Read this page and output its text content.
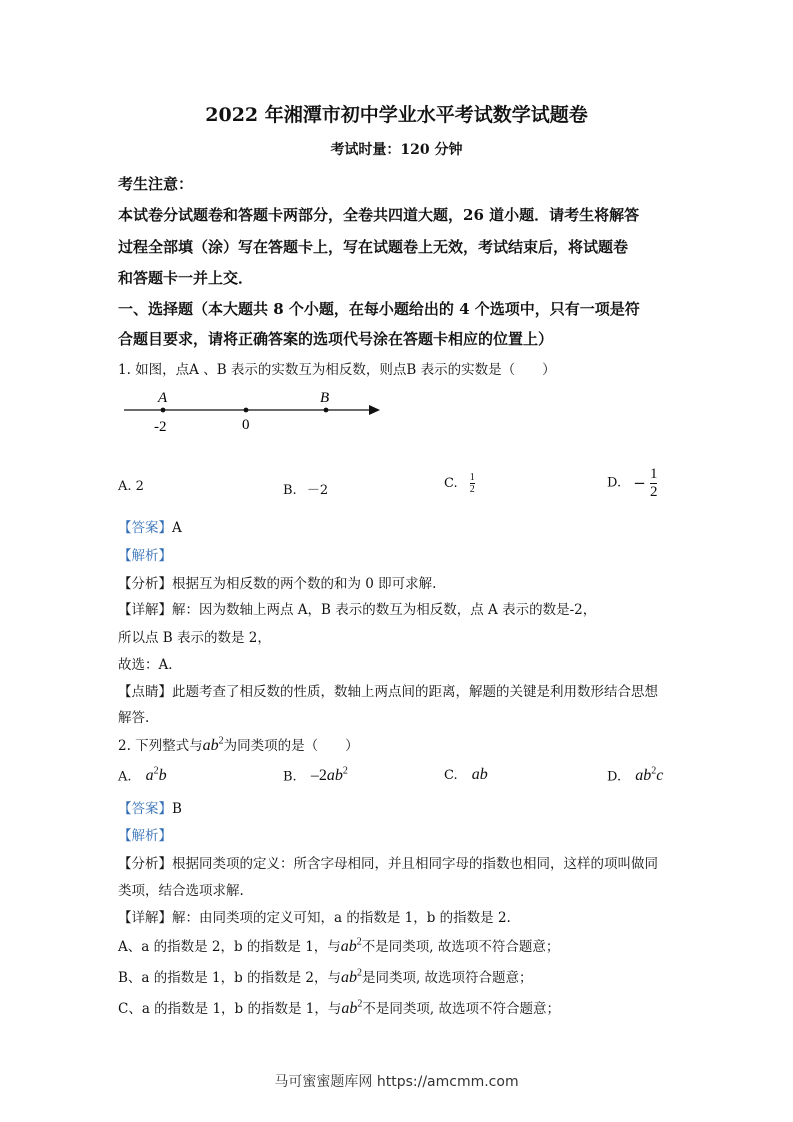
2022 年湘潭市初中学业水平考试数学试题卷
考试时量：120 分钟
考生注意：
本试卷分试题卷和答题卡两部分，全卷共四道大题，26 道小题．请考生将解答
过程全部填（涂）写在答题卡上，写在试题卷上无效，考试结束后，将试题卷
和答题卡一并上交．
一、选择题（本大题共 8 个小题，在每小题给出的 4 个选项中，只有一项是符
合题目要求，请将正确答案的选项代号涂在答题卡相应的位置上）
1. 如图，点A 、B 表示的实数互为相反数，则点B 表示的实数是（　　）
A	B
-2	0
A. 2	B. －2	C. $\frac{1}{2}$	D. − $\frac{1}{2}$
【答案】A
【解析】
【分析】根据互为相反数的两个数的和为 0 即可求解.
【详解】解：因为数轴上两点 A，B 表示的数互为相反数，点 A 表示的数是-2，
所以点 B 表示的数是 2，
故选：A．
【点睛】此题考查了相反数的性质，数轴上两点间的距离，解题的关键是利用数形结合思想
解答.
2. 下列整式与$ab^2$为同类项的是（　　）
A. $a^2b$	B. $-2ab^2$	C. ab	D. $ab^2c$
【答案】B
【解析】
【分析】根据同类项的定义：所含字母相同，并且相同字母的指数也相同，这样的项叫做同
类项，结合选项求解.
【详解】解：由同类项的定义可知，a 的指数是 1，b 的指数是 2.
A、a 的指数是 2，b 的指数是 1，与$ab^2$不是同类项, 故选项不符合题意；
B、a 的指数是 1，b 的指数是 2，与$ab^2$是同类项, 故选项符合题意；
C、a 的指数是 1，b 的指数是 1，与$ab^2$不是同类项, 故选项不符合题意；
马可蜜蜜题库网 https://amcmm.com
